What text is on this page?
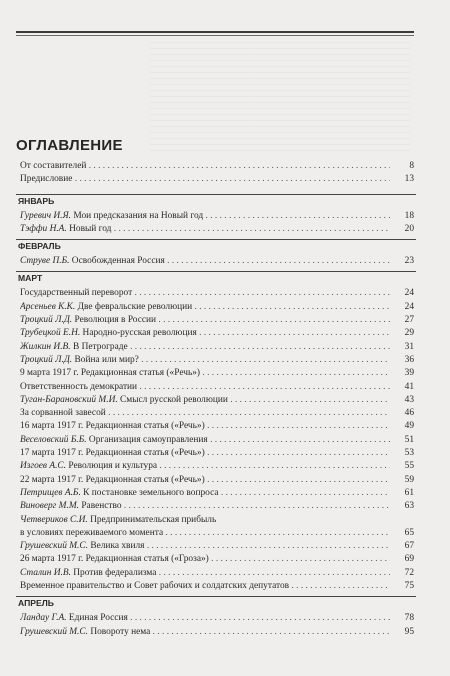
ОГЛАВЛЕНИЕ
От составителей . . .	8
Предисловие . . .	13
ЯНВАРЬ
Гуревич И.Я. Мои предсказания на Новый год . . .	18
Тэффи Н.А. Новый год . . .	20
ФЕВРАЛЬ
Струве П.Б. Освобожденная Россия . . .	23
МАРТ
Государственный переворот . . .	24
Арсеньев К.К. Две февральские революции . . .	24
Троцкий Л.Д. Революция в России . . .	27
Трубецкой Е.Н. Народно-русская революция . . .	29
Жилкин И.В. В Петрограде . . .	31
Троцкий Л.Д. Война или мир? . . .	36
9 марта 1917 г. Редакционная статья («Речь») . . .	39
Ответственность демократии . . .	41
Туган-Барановский М.И. Смысл русской революции . . .	43
За сорванной завесой . . .	46
16 марта 1917 г. Редакционная статья («Речь») . . .	49
Веселовский Б.Б. Организация самоуправления . . .	51
17 марта 1917 г. Редакционная статья («Речь») . . .	53
Изгоев А.С. Революция и культура . . .	55
22 марта 1917 г. Редакционная статья («Речь») . . .	59
Петрищев А.Б. К постановке земельного вопроса . . .	61
Виноверг М.М. Равенство . . .	63
Четвериков С.И. Предпринимательская прибыль
в условиях переживаемого момента . . .	65
Грушевский М.С. Велика хвиля . . .	67
26 марта 1917 г. Редакционная статья («Гроза») . . .	69
Сталин И.В. Против федерализма . . .	72
Временное правительство и Совет рабочих и солдатских депутатов . . .	75
АПРЕЛЬ
Ландау Г.А. Единая Россия . . .	78
Грушевский М.С. Повороту нема . . .	95
